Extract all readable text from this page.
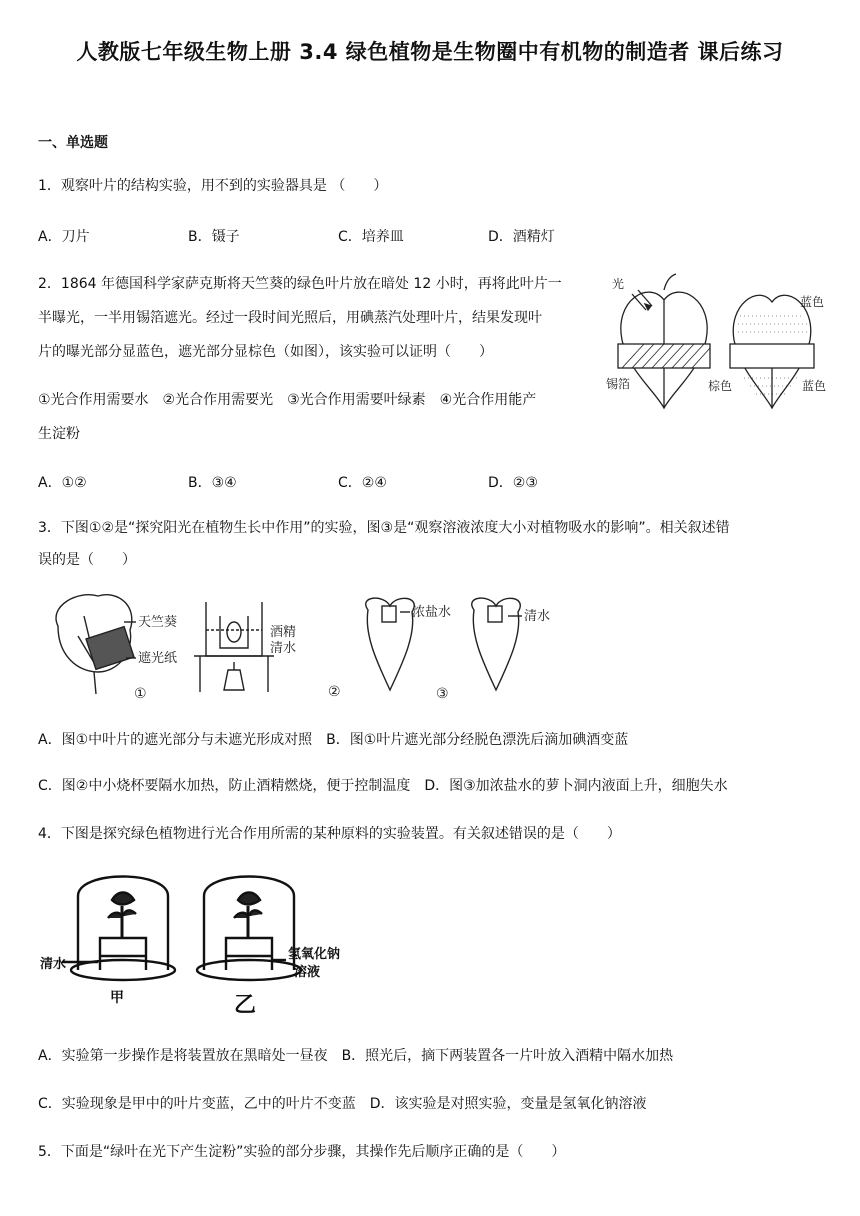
人教版七年级生物上册 3.4 绿色植物是生物圈中有机物的制造者 课后练习
一、单选题
1．观察叶片的结构实验，用不到的实验器具是 （　　）
A．刀片	B．镊子	C．培养皿	D．酒精灯
2．1864 年德国科学家萨克斯将天竺葵的绿色叶片放在暗处 12 小时，再将此叶片一
半曝光，一半用锡箔遮光。经过一段时间光照后，用碘蒸汽处理叶片，结果发现叶
片的曝光部分显蓝色，遮光部分显棕色（如图），该实验可以证明（　　）
①光合作用需要水　②光合作用需要光　③光合作用需要叶绿素　④光合作用能产
生淀粉
A．①②	B．③④	C．②④	D．②③
光
锡箔
蓝色
棕色	蓝色
3．下图①②是“探究阳光在植物生长中作用”的实验，图③是“观察溶液浓度大小对植物吸水的影响”。相关叙述错
误的是（　　）
天竺葵
遮光纸
①
酒精
清水
②
浓盐水	清水
③
A．图①中叶片的遮光部分与未遮光形成对照　B．图①叶片遮光部分经脱色漂洗后滴加碘酒变蓝
C．图②中小烧杯要隔水加热，防止酒精燃烧，便于控制温度　D．图③加浓盐水的萝卜洞内液面上升，细胞失水
4．下图是探究绿色植物进行光合作用所需的某种原料的实验装置。有关叙述错误的是（　　）
清水
甲
氢氧化钠
溶液
乙
A．实验第一步操作是将装置放在黑暗处一昼夜　B．照光后，摘下两装置各一片叶放入酒精中隔水加热
C．实验现象是甲中的叶片变蓝，乙中的叶片不变蓝　D．该实验是对照实验，变量是氢氧化钠溶液
5．下面是“绿叶在光下产生淀粉”实验的部分步骤，其操作先后顺序正确的是（　　）
